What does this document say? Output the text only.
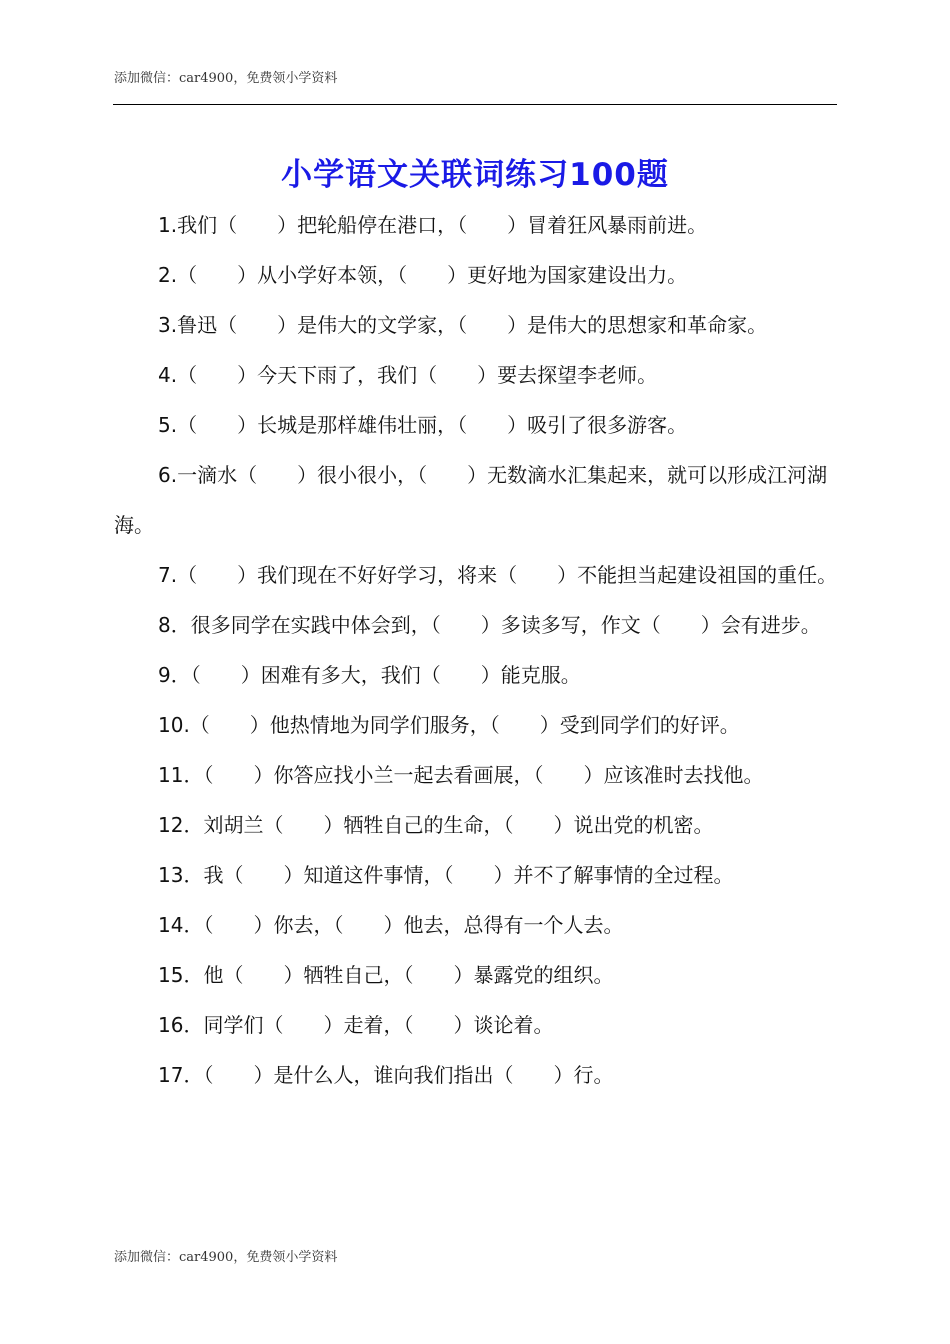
添加微信：car4900，免费领小学资料
小学语文关联词练习100题
1.我们（　　）把轮船停在港口，（　　）冒着狂风暴雨前进。
2.（　　）从小学好本领，（　　）更好地为国家建设出力。
3.鲁迅（　　）是伟大的文学家，（　　）是伟大的思想家和革命家。
4.（　　）今天下雨了，我们（　　）要去探望李老师。
5.（　　）长城是那样雄伟壮丽，（　　）吸引了很多游客。
6.一滴水（　　）很小很小，（　　）无数滴水汇集起来，就可以形成江河湖海。
7.（　　）我们现在不好好学习，将来（　　）不能担当起建设祖国的重任。
8．很多同学在实践中体会到，（　　）多读多写，作文（　　）会有进步。
9．（　　）困难有多大，我们（　　）能克服。
10.（　　）他热情地为同学们服务，（　　）受到同学们的好评。
11．（　　）你答应找小兰一起去看画展，（　　）应该准时去找他。
12．刘胡兰（　　）牺牲自己的生命，（　　）说出党的机密。
13．我（　　）知道这件事情，（　　）并不了解事情的全过程。
14．（　　）你去，（　　）他去，总得有一个人去。
15．他（　　）牺牲自己，（　　）暴露党的组织。
16．同学们（　　）走着，（　　）谈论着。
17．（　　）是什么人，谁向我们指出（　　）行。
添加微信：car4900，免费领小学资料
